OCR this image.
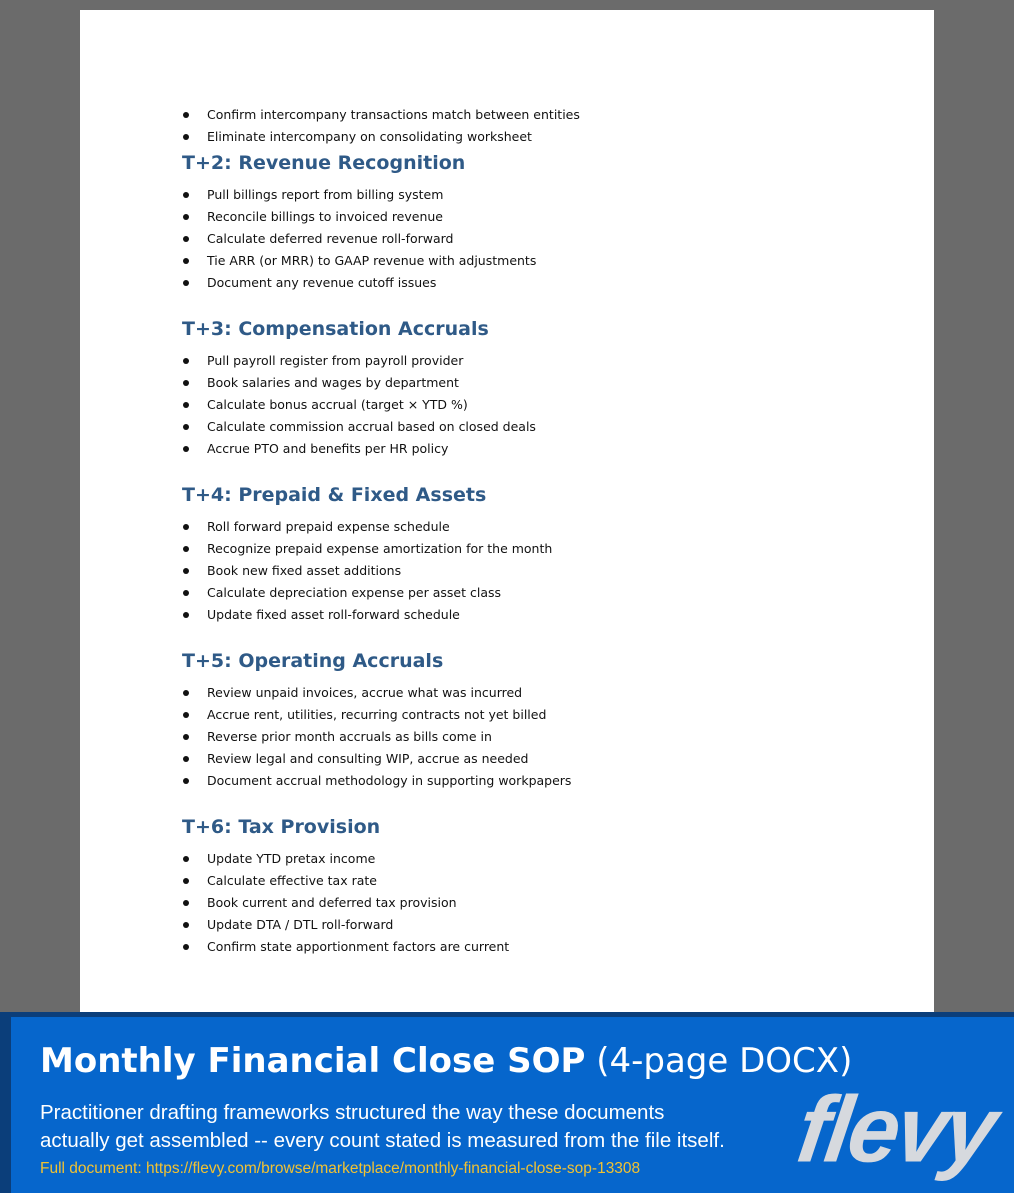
Confirm intercompany transactions match between entities
Eliminate intercompany on consolidating worksheet
T+2: Revenue Recognition
Pull billings report from billing system
Reconcile billings to invoiced revenue
Calculate deferred revenue roll-forward
Tie ARR (or MRR) to GAAP revenue with adjustments
Document any revenue cutoff issues
T+3: Compensation Accruals
Pull payroll register from payroll provider
Book salaries and wages by department
Calculate bonus accrual (target × YTD %)
Calculate commission accrual based on closed deals
Accrue PTO and benefits per HR policy
T+4: Prepaid & Fixed Assets
Roll forward prepaid expense schedule
Recognize prepaid expense amortization for the month
Book new fixed asset additions
Calculate depreciation expense per asset class
Update fixed asset roll-forward schedule
T+5: Operating Accruals
Review unpaid invoices, accrue what was incurred
Accrue rent, utilities, recurring contracts not yet billed
Reverse prior month accruals as bills come in
Review legal and consulting WIP, accrue as needed
Document accrual methodology in supporting workpapers
T+6: Tax Provision
Update YTD pretax income
Calculate effective tax rate
Book current and deferred tax provision
Update DTA / DTL roll-forward
Confirm state apportionment factors are current
Monthly Financial Close SOP (4-page DOCX)
Practitioner drafting frameworks structured the way these documents
actually get assembled -- every count stated is measured from the file itself.
Full document: https://flevy.com/browse/marketplace/monthly-financial-close-sop-13308 flevy
